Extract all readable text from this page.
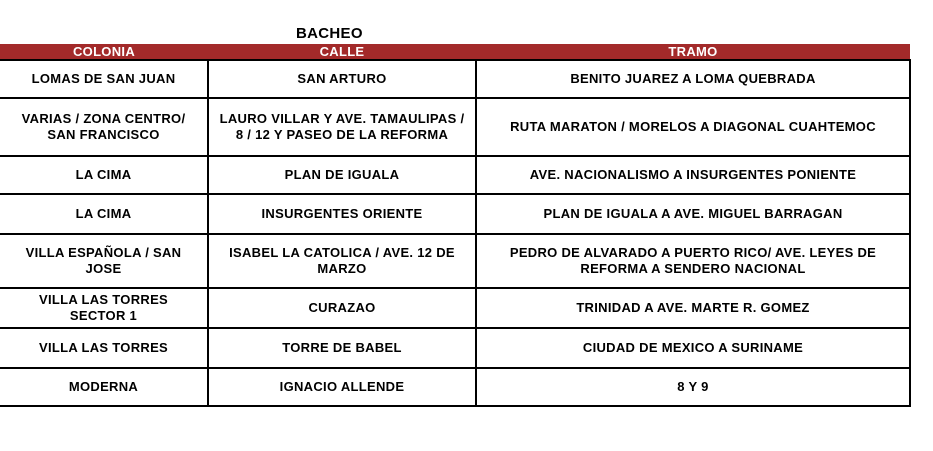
BACHEO
COLONIA	CALLE	TRAMO
LOMAS DE SAN JUAN	SAN ARTURO	BENITO JUAREZ A LOMA QUEBRADA
VARIAS / ZONA CENTRO/ SAN FRANCISCO	LAURO VILLAR Y AVE. TAMAULIPAS / 8 / 12 Y PASEO DE LA REFORMA	RUTA MARATON / MORELOS A DIAGONAL CUAHTEMOC
LA CIMA	PLAN DE IGUALA	AVE. NACIONALISMO A INSURGENTES PONIENTE
LA CIMA	INSURGENTES ORIENTE	PLAN DE IGUALA A AVE. MIGUEL BARRAGAN
VILLA ESPAÑOLA / SAN JOSE	ISABEL LA CATOLICA / AVE. 12 DE MARZO	PEDRO DE ALVARADO A PUERTO RICO/ AVE. LEYES DE REFORMA A SENDERO NACIONAL
VILLA LAS TORRES SECTOR 1	CURAZAO	TRINIDAD A AVE. MARTE R. GOMEZ
VILLA LAS TORRES	TORRE DE BABEL	CIUDAD DE MEXICO A SURINAME
MODERNA	IGNACIO ALLENDE	8 Y 9
